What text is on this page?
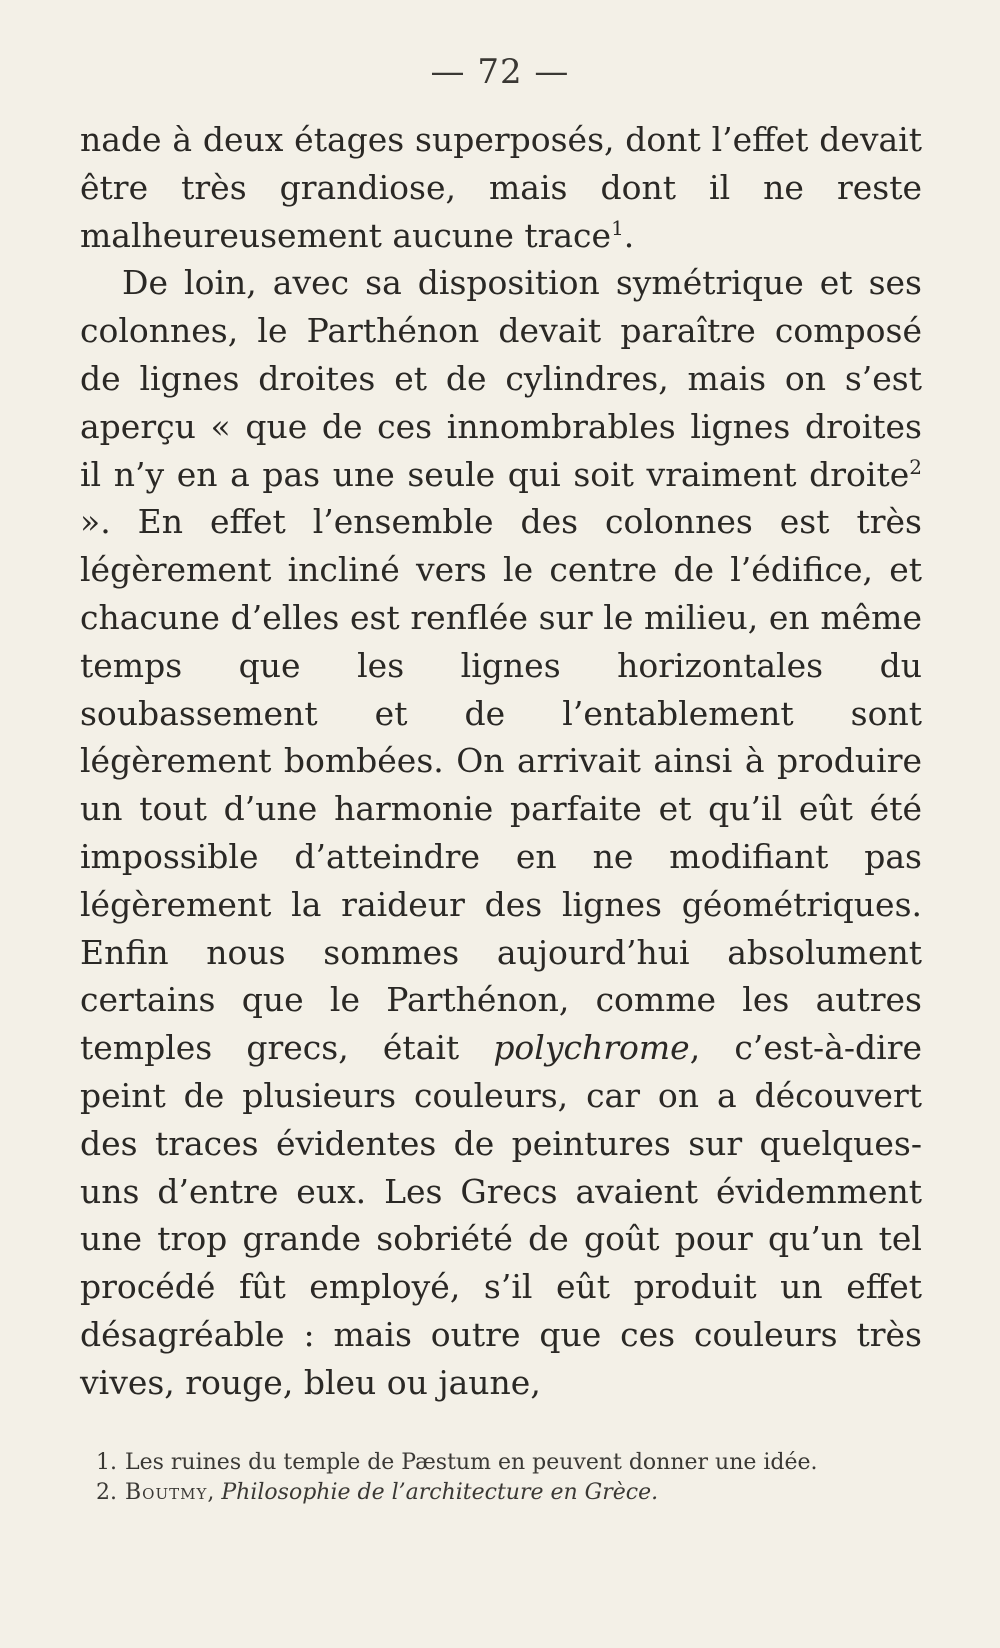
— 72 —

nade à deux étages superposés, dont l’effet devait être très grandiose, mais dont il ne reste malheureusement aucune trace$^1$.

De loin, avec sa disposition symétrique et ses colonnes, le Parthénon devait paraître composé de lignes droites et de cylindres, mais on s’est aperçu « que de ces innombrables lignes droites il n’y en a pas une seule qui soit vraiment droite$^2$ ». En effet l’ensemble des colonnes est très légèrement incliné vers le centre de l’édifice, et chacune d’elles est renflée sur le milieu, en même temps que les lignes horizontales du soubassement et de l’entablement sont légèrement bombées. On arrivait ainsi à produire un tout d’une harmonie parfaite et qu’il eût été impossible d’atteindre en ne modifiant pas légèrement la raideur des lignes géométriques. Enfin nous sommes aujourd’hui absolument certains que le Parthénon, comme les autres temples grecs, était polychrome, c’est-à-dire peint de plusieurs couleurs, car on a découvert des traces évidentes de peintures sur quelques-uns d’entre eux. Les Grecs avaient évidemment une trop grande sobriété de goût pour qu’un tel procédé fût employé, s’il eût produit un effet désagréable : mais outre que ces couleurs très vives, rouge, bleu ou jaune,

1. Les ruines du temple de Pæstum en peuvent donner une idée.

2. Boutmy, Philosophie de l’architecture en Grèce.
